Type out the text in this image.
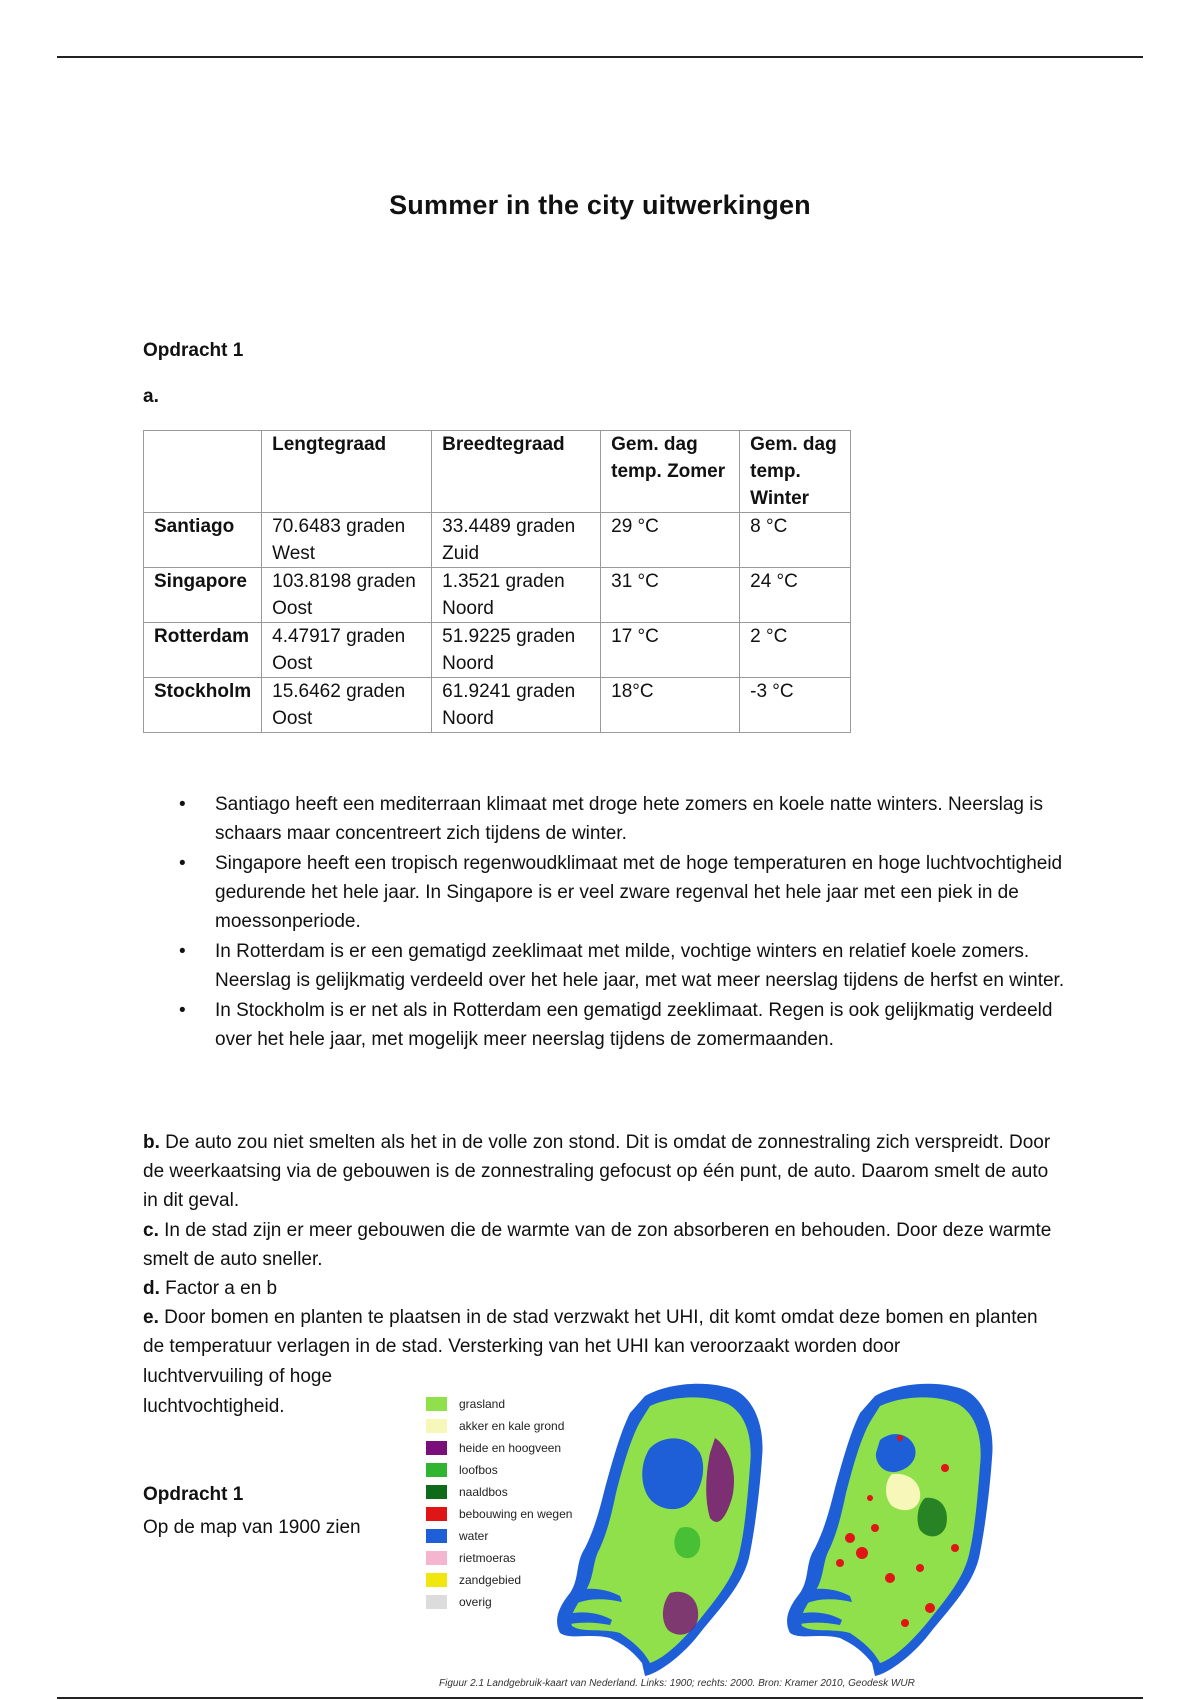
Summer in the city uitwerkingen
Opdracht 1
a.
	Lengtegraad	Breedtegraad	Gem. dag temp. Zomer	Gem. dag temp. Winter
Santiago	70.6483 graden West	33.4489 graden Zuid	29 °C	8 °C
Singapore	103.8198 graden Oost	1.3521 graden Noord	31 °C	24 °C
Rotterdam	4.47917 graden Oost	51.9225 graden Noord	17 °C	2 °C
Stockholm	15.6462 graden Oost	61.9241 graden Noord	18°C	-3 °C
• Santiago heeft een mediterraan klimaat met droge hete zomers en koele natte winters. Neerslag is schaars maar concentreert zich tijdens de winter.
• Singapore heeft een tropisch regenwoudklimaat met de hoge temperaturen en hoge luchtvochtigheid gedurende het hele jaar. In Singapore is er veel zware regenval het hele jaar met een piek in de moessonperiode.
• In Rotterdam is er een gematigd zeeklimaat met milde, vochtige winters en relatief koele zomers. Neerslag is gelijkmatig verdeeld over het hele jaar, met wat meer neerslag tijdens de herfst en winter.
• In Stockholm is er net als in Rotterdam een gematigd zeeklimaat. Regen is ook gelijkmatig verdeeld over het hele jaar, met mogelijk meer neerslag tijdens de zomermaanden.
b. De auto zou niet smelten als het in de volle zon stond. Dit is omdat de zonnestraling zich verspreidt. Door de weerkaatsing via de gebouwen is de zonnestraling gefocust op één punt, de auto. Daarom smelt de auto in dit geval.
c. In de stad zijn er meer gebouwen die de warmte van de zon absorberen en behouden. Door deze warmte smelt de auto sneller.
d. Factor a en b
e. Door bomen en planten te plaatsen in de stad verzwakt het UHI, dit komt omdat deze bomen en planten de temperatuur verlagen in de stad. Versterking van het UHI kan veroorzaakt worden door
luchtvervuiling of hoge
luchtvochtigheid.
Opdracht 1
Op de map van 1900 zien
grasland
akker en kale grond
heide en hoogveen
loofbos
naaldbos
bebouwing en wegen
water
rietmoeras
zandgebied
overig
Figuur 2.1 Landgebruik-kaart van Nederland. Links: 1900; rechts: 2000. Bron: Kramer 2010, Geodesk WUR
